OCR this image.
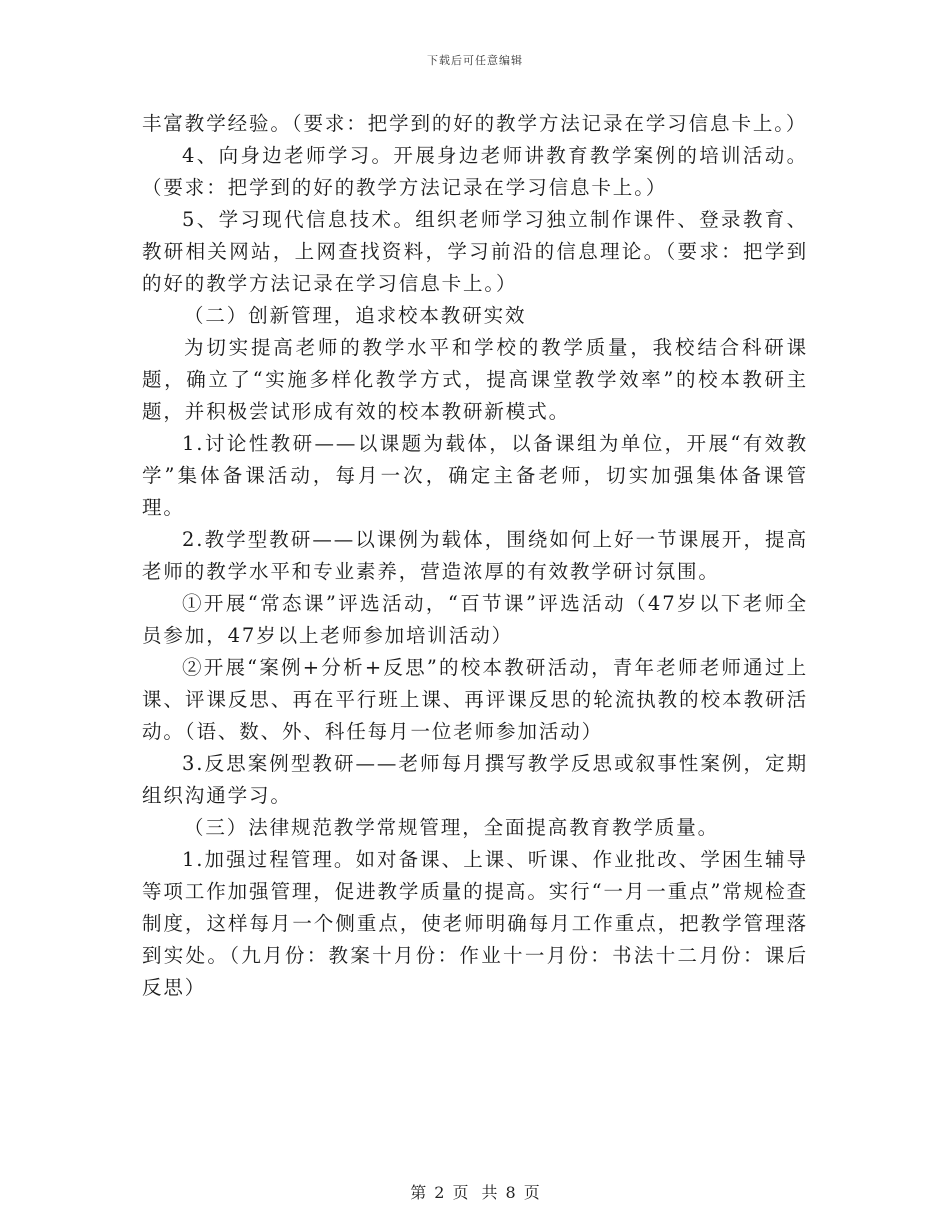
下载后可任意编辑

丰富教学经验。（要求：把学到的好的教学方法记录在学习信息卡上。）

4、向身边老师学习。开展身边老师讲教育教学案例的培训活动。（要求：把学到的好的教学方法记录在学习信息卡上。）

5、学习现代信息技术。组织老师学习独立制作课件、登录教育、教研相关网站，上网查找资料，学习前沿的信息理论。（要求：把学到的好的教学方法记录在学习信息卡上。）

（二）创新管理，追求校本教研实效

为切实提高老师的教学水平和学校的教学质量，我校结合科研课题，确立了“实施多样化教学方式，提高课堂教学效率”的校本教研主题，并积极尝试形成有效的校本教研新模式。

1.讨论性教研——以课题为载体，以备课组为单位，开展“有效教学”集体备课活动，每月一次，确定主备老师，切实加强集体备课管理。

2.教学型教研——以课例为载体，围绕如何上好一节课展开，提高老师的教学水平和专业素养，营造浓厚的有效教学研讨氛围。

①开展“常态课”评选活动，“百节课”评选活动（47岁以下老师全员参加，47岁以上老师参加培训活动）

②开展“案例+分析+反思”的校本教研活动，青年老师老师通过上课、评课反思、再在平行班上课、再评课反思的轮流执教的校本教研活动。（语、数、外、科任每月一位老师参加活动）

3.反思案例型教研——老师每月撰写教学反思或叙事性案例，定期组织沟通学习。

（三）法律规范教学常规管理，全面提高教育教学质量。

1.加强过程管理。如对备课、上课、听课、作业批改、学困生辅导等项工作加强管理，促进教学质量的提高。实行“一月一重点”常规检查制度，这样每月一个侧重点，使老师明确每月工作重点，把教学管理落到实处。（九月份：教案十月份：作业十一月份：书法十二月份：课后反思）

第 2 页 共 8 页
